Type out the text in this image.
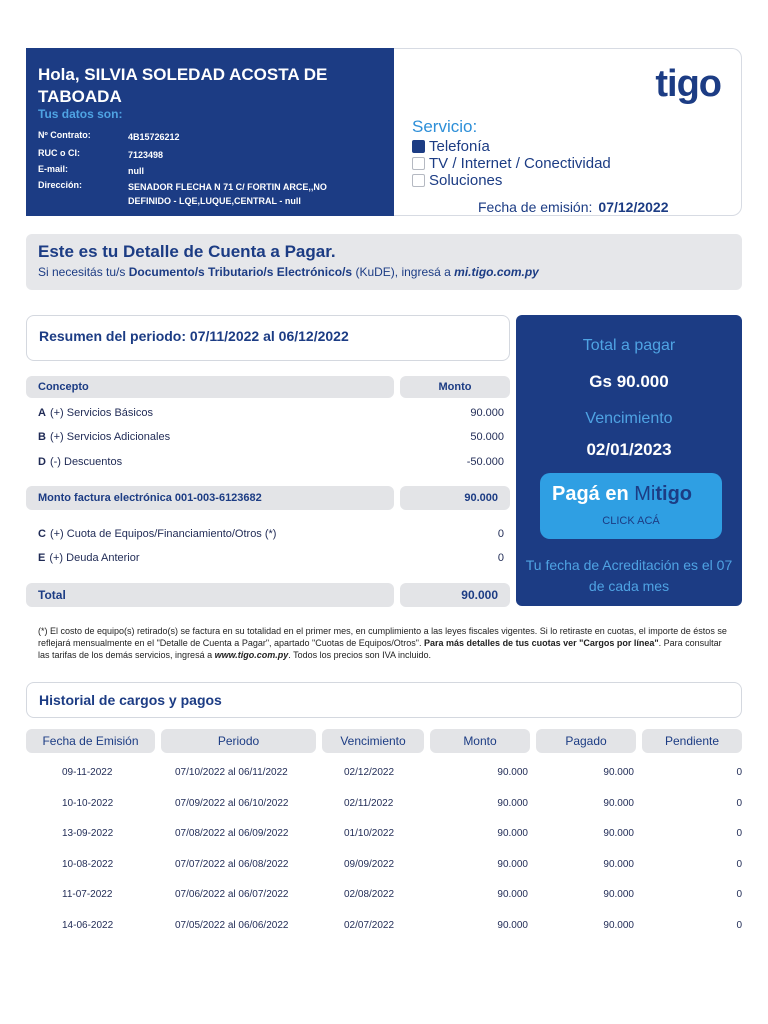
Hola, SILVIA SOLEDAD ACOSTA DE TABOADA
Tus datos son:
Nº Contrato:	4B15726212
RUC o CI:	7123498
E-mail:	null
Dirección:	SENADOR FLECHA N 71 C/ FORTIN ARCE,,NO DEFINIDO - LQE,LUQUE,CENTRAL - null
tigo
Servicio:
Telefonía
TV / Internet / Conectividad
Soluciones
Fecha de emisión: 07/12/2022
Este es tu Detalle de Cuenta a Pagar.

Si necesitás tu/s Documento/s Tributario/s Electrónico/s (KuDE), ingresá a mi.tigo.com.py

Resumen del periodo: 07/11/2022 al 06/12/2022
Concepto	Monto
A (+) Servicios Básicos	90.000
B (+) Servicios Adicionales	50.000
D (-) Descuentos	-50.000
Monto factura electrónica 001-003-6123682	90.000
C (+) Cuota de Equipos/Financiamiento/Otros (*)	0
E (+) Deuda Anterior	0
Total	90.000
Total a pagar
Gs 90.000
Vencimiento
02/01/2023
Pagá en Mitigo
CLICK ACÁ
Tu fecha de Acreditación es el 07 de cada mes
(*) El costo de equipo(s) retirado(s) se factura en su totalidad en el primer mes, en cumplimiento a las leyes fiscales vigentes. Si lo retiraste en cuotas, el importe de éstos se reflejará mensualmente en el "Detalle de Cuenta a Pagar", apartado "Cuotas de Equipos/Otros". Para más detalles de tus cuotas ver "Cargos por línea". Para consultar las tarifas de los demás servicios, ingresá a www.tigo.com.py. Todos los precios son IVA incluido.
Historial de cargos y pagos
Fecha de Emisión	Periodo	Vencimiento	Monto	Pagado	Pendiente
09-11-2022	07/10/2022 al 06/11/2022	02/12/2022	90.000	90.000	0
10-10-2022	07/09/2022 al 06/10/2022	02/11/2022	90.000	90.000	0
13-09-2022	07/08/2022 al 06/09/2022	01/10/2022	90.000	90.000	0
10-08-2022	07/07/2022 al 06/08/2022	09/09/2022	90.000	90.000	0
11-07-2022	07/06/2022 al 06/07/2022	02/08/2022	90.000	90.000	0
14-06-2022	07/05/2022 al 06/06/2022	02/07/2022	90.000	90.000	0
